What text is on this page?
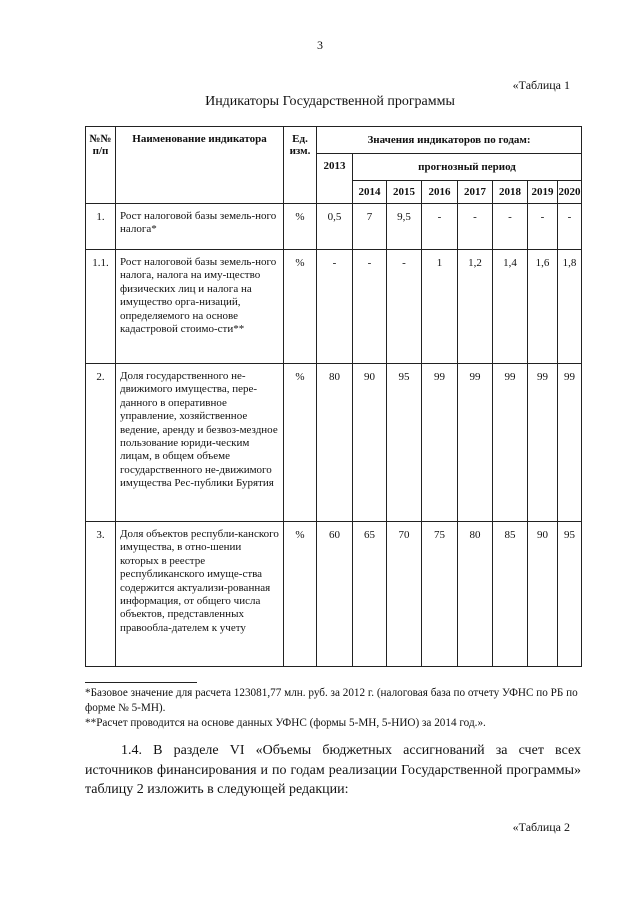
3
«Таблица 1
Индикаторы Государственной программы
№№ п/п	Наименование индикатора	Ед. изм.	Значения индикаторов по годам:							
			2013	прогнозный период						
				2014	2015	2016	2017	2018	2019	2020
1.	Рост налоговой базы земель-ного налога*	%	0,5	7	9,5	-	-	-	-	-
1.1.	Рост налоговой базы земель-ного налога, налога на иму-щество физических лиц и налога на имущество орга-низаций, определяемого на основе кадастровой стоимо-сти**	%	-	-	-	1	1,2	1,4	1,6	1,8
2.	Доля государственного не-движимого имущества, пере-данного в оперативное управление, хозяйственное ведение, аренду и безвоз-мездное пользование юриди-ческим лицам, в общем объеме государственного не-движимого имущества Рес-публики Бурятия	%	80	90	95	99	99	99	99	99
3.	Доля объектов республи-канского имущества, в отно-шении которых в реестре республиканского имуще-ства содержится актуализи-рованная информация, от общего числа объектов, представленных правообла-дателем к учету	%	60	65	70	75	80	85	90	95
*Базовое значение для расчета 123081,77 млн. руб. за 2012 г. (налоговая база по отчету УФНС по РБ по форме № 5-МН).
**Расчет проводится на основе данных УФНС (формы 5-МН, 5-НИО) за 2014 год.».
1.4. В разделе VI «Объемы бюджетных ассигнований за счет всех источников финансирования и по годам реализации Государственной программы» таблицу 2 изложить в следующей редакции:
«Таблица 2
